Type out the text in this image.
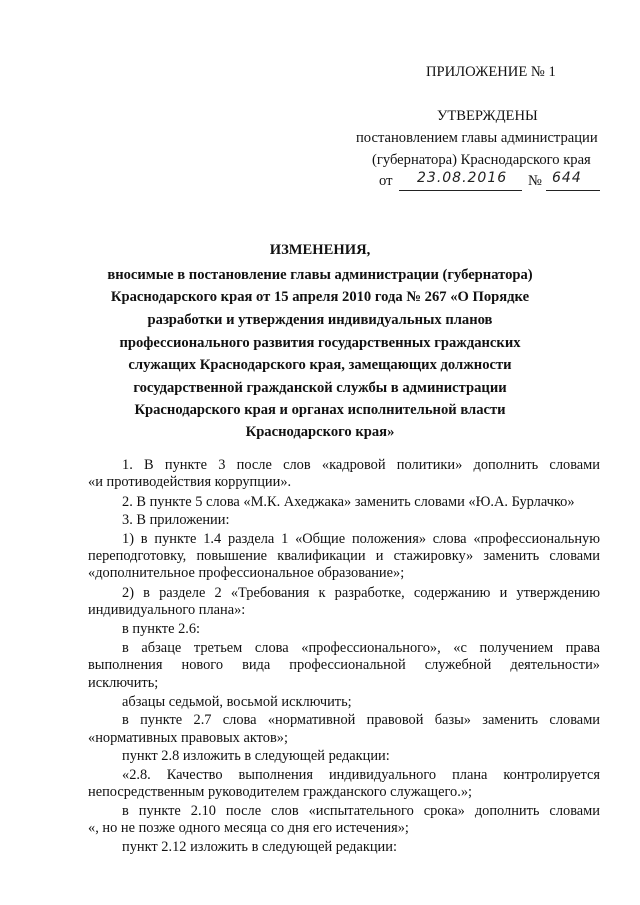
ПРИЛОЖЕНИЕ № 1
УТВЕРЖДЕНЫ
постановлением главы администрации
(губернатора) Краснодарского края
от 23.08.2016 № 644
ИЗМЕНЕНИЯ,
вносимые в постановление главы администрации (губернатора)
Краснодарского края от 15 апреля 2010 года № 267 «О Порядке
разработки и утверждения индивидуальных планов
профессионального развития государственных гражданских
служащих Краснодарского края, замещающих должности
государственной гражданской службы в администрации
Краснодарского края и органах исполнительной власти
Краснодарского края»
1. В пункте 3 после слов «кадровой политики» дополнить словами
«и противодействия коррупции».
2. В пункте 5 слова «М.К. Ахеджака» заменить словами «Ю.А. Бурлачко»
3. В приложении:
1) в пункте 1.4 раздела 1 «Общие положения» слова «профессиональную
переподготовку, повышение квалификации и стажировку» заменить словами
«дополнительное профессиональное образование»;
2) в разделе 2 «Требования к разработке, содержанию и утверждению
индивидуального плана»:
в пункте 2.6:
в абзаце третьем слова «профессионального», «с получением права
выполнения нового вида профессиональной служебной деятельности»
исключить;
абзацы седьмой, восьмой исключить;
в пункте 2.7 слова «нормативной правовой базы» заменить словами
«нормативных правовых актов»;
пункт 2.8 изложить в следующей редакции:
«2.8. Качество выполнения индивидуального плана контролируется
непосредственным руководителем гражданского служащего.»;
в пункте 2.10 после слов «испытательного срока» дополнить словами
«, но не позже одного месяца со дня его истечения»;
пункт 2.12 изложить в следующей редакции:
